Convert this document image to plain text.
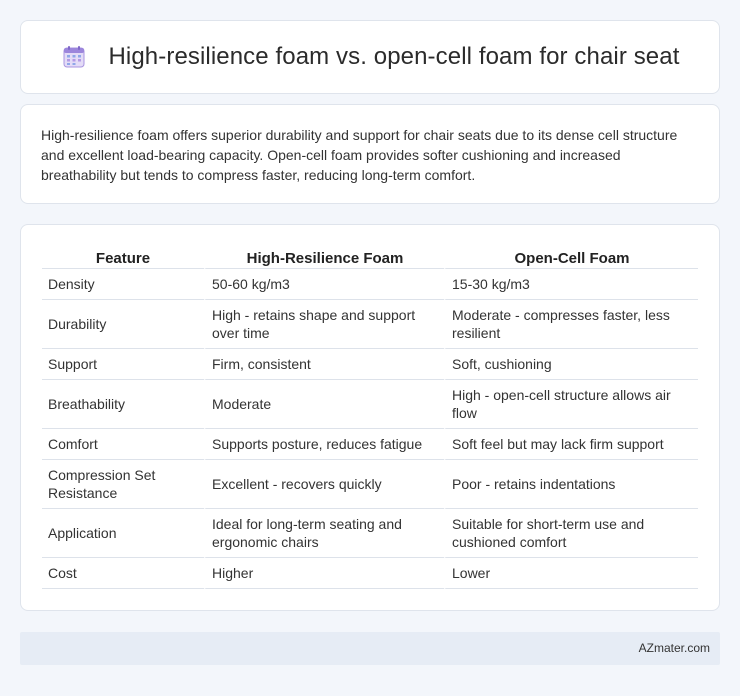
High-resilience foam vs. open-cell foam for chair seat

High-resilience foam offers superior durability and support for chair seats due to its dense cell structure and excellent load-bearing capacity. Open-cell foam provides softer cushioning and increased breathability but tends to compress faster, reducing long-term comfort.

Feature	High-Resilience Foam	Open-Cell Foam
Density	50-60 kg/m3	15-30 kg/m3
Durability	High - retains shape and support over time	Moderate - compresses faster, less resilient
Support	Firm, consistent	Soft, cushioning
Breathability	Moderate	High - open-cell structure allows air flow
Comfort	Supports posture, reduces fatigue	Soft feel but may lack firm support
Compression Set Resistance	Excellent - recovers quickly	Poor - retains indentations
Application	Ideal for long-term seating and ergonomic chairs	Suitable for short-term use and cushioned comfort
Cost	Higher	Lower
AZmater.com
